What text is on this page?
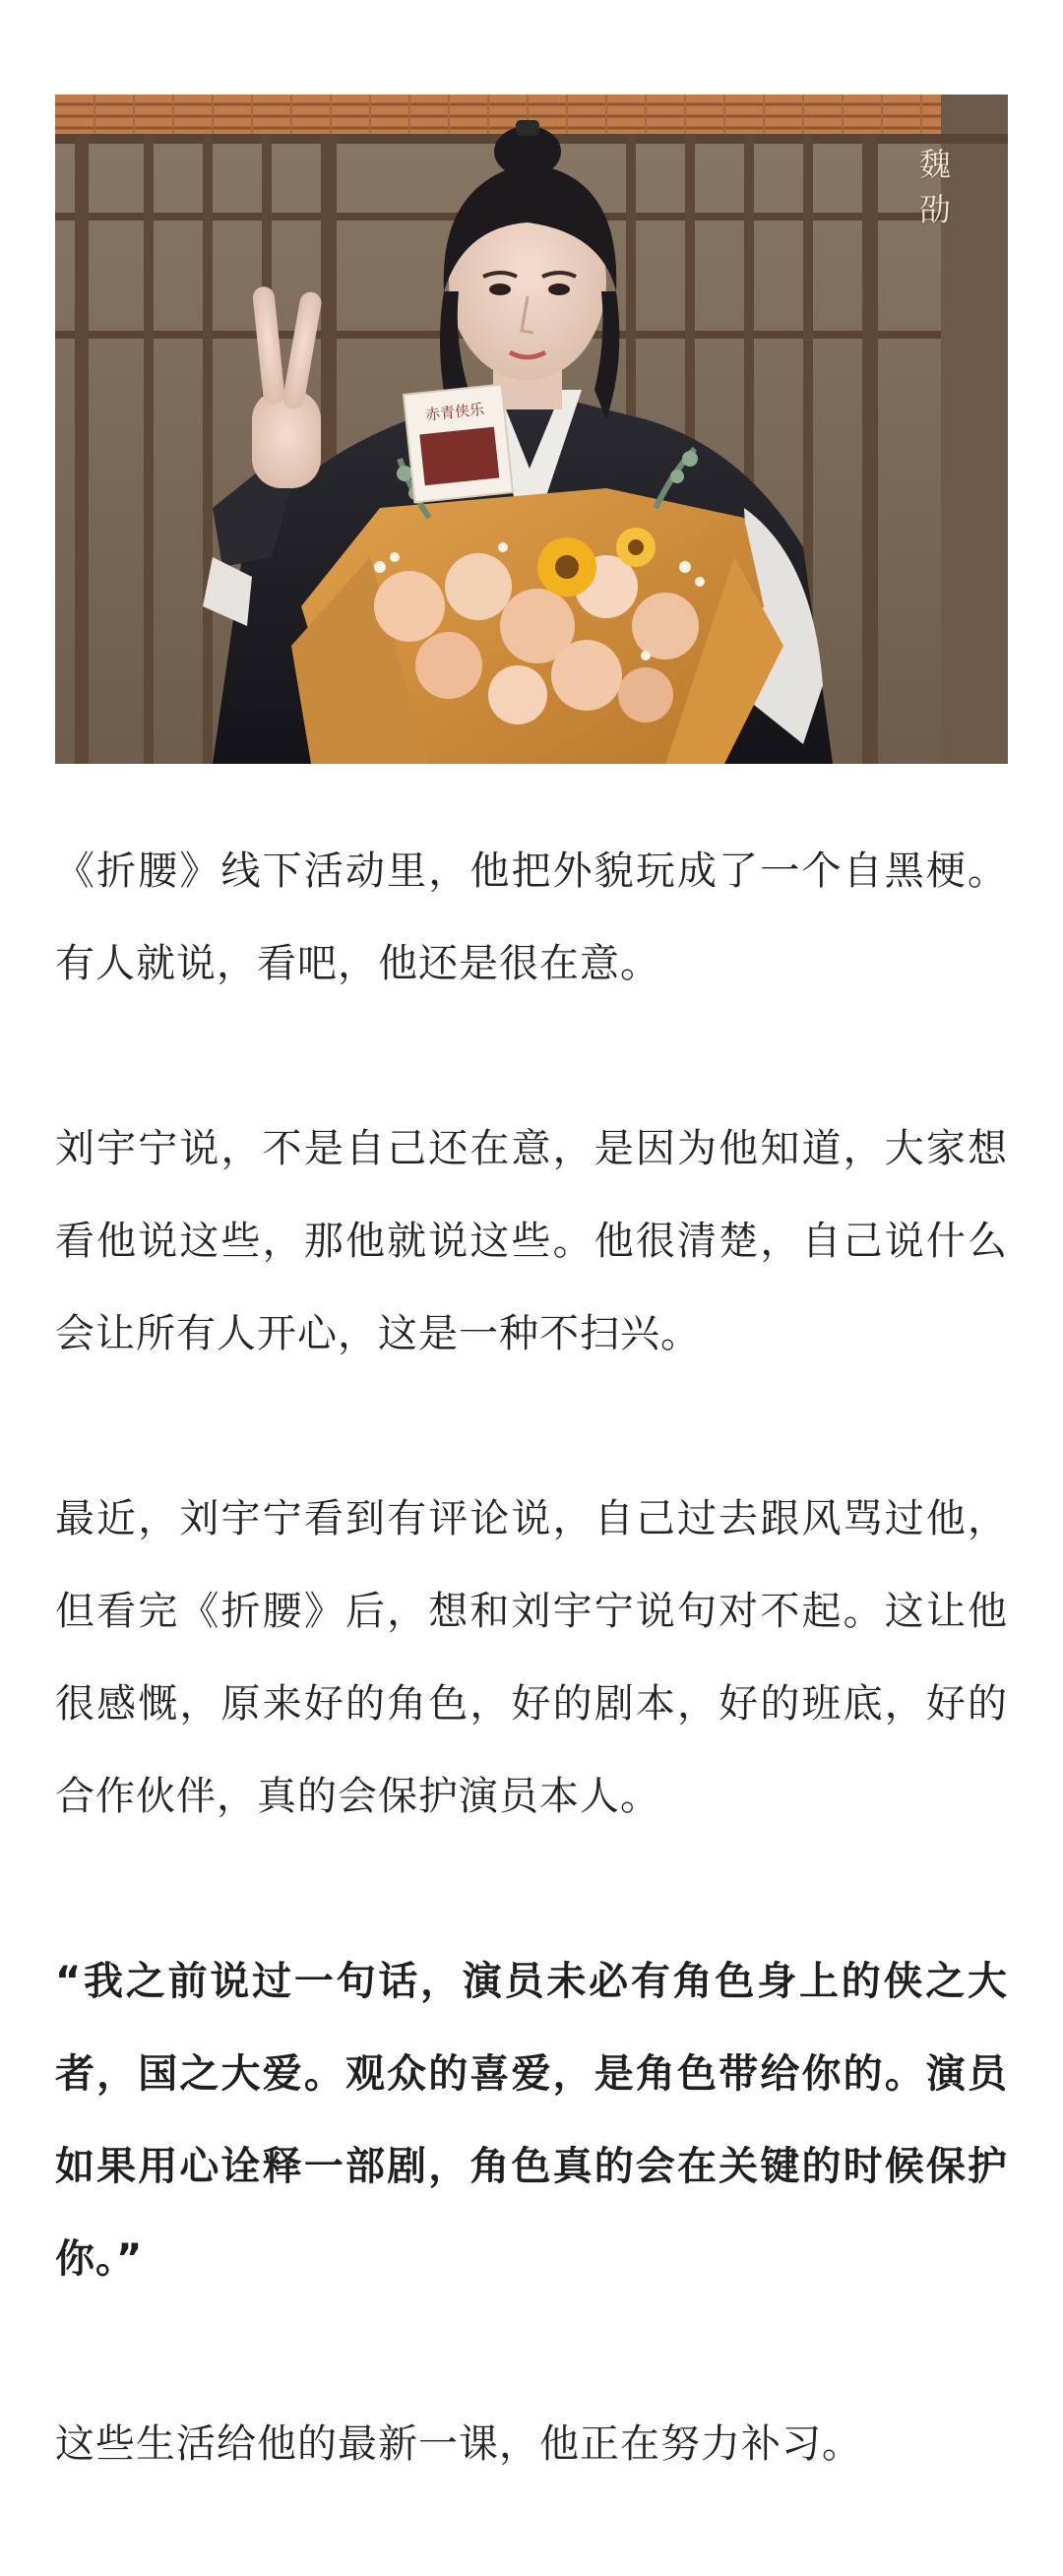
赤青侠乐
魏
劭

《折腰》线下活动里，他把外貌玩成了一个自黑梗。有人就说，看吧，他还是很在意。

刘宇宁说，不是自己还在意，是因为他知道，大家想看他说这些，那他就说这些。他很清楚，自己说什么会让所有人开心，这是一种不扫兴。

最近，刘宇宁看到有评论说，自己过去跟风骂过他，但看完《折腰》后，想和刘宇宁说句对不起。这让他很感慨，原来好的角色，好的剧本，好的班底，好的合作伙伴，真的会保护演员本人。

“我之前说过一句话，演员未必有角色身上的侠之大者，国之大爱。观众的喜爱，是角色带给你的。演员如果用心诠释一部剧，角色真的会在关键的时候保护你。”

这些生活给他的最新一课，他正在努力补习。
